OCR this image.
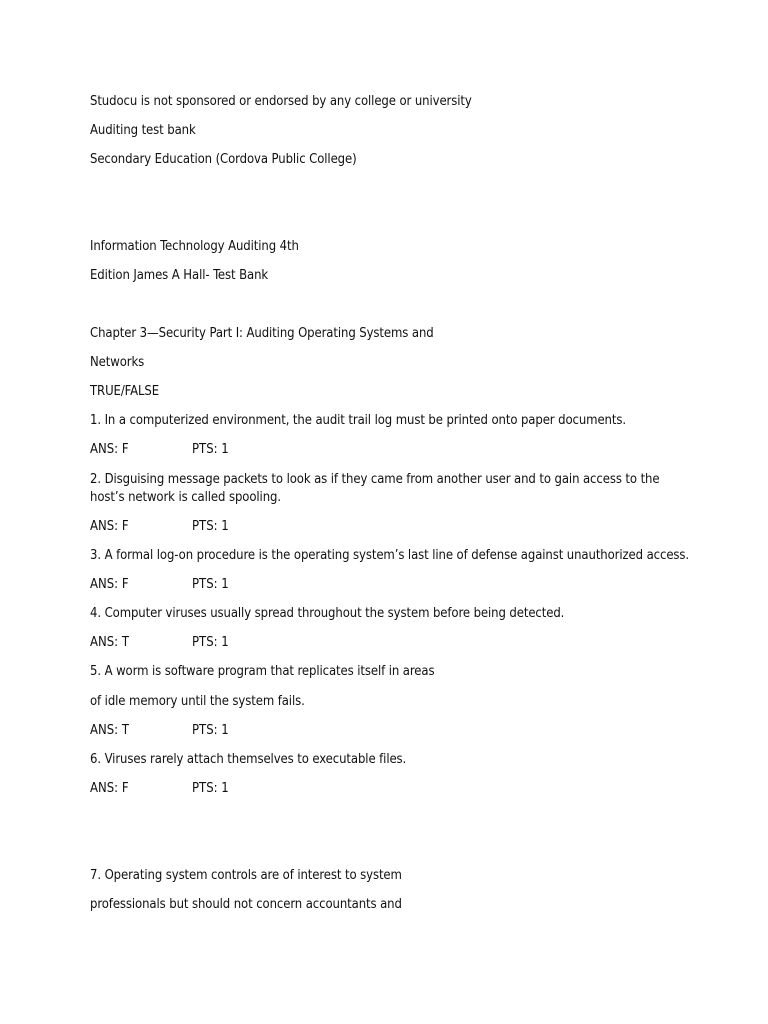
Studocu is not sponsored or endorsed by any college or university
Auditing test bank
Secondary Education (Cordova Public College)
Information Technology Auditing 4th
Edition James A Hall- Test Bank
Chapter 3—Security Part I: Auditing Operating Systems and
Networks
TRUE/FALSE
1. In a computerized environment, the audit trail log must be printed onto paper documents.
ANS: F	PTS: 1
2. Disguising message packets to look as if they came from another user and to gain access to the host’s network is called spooling.
ANS: F	PTS: 1
3. A formal log-on procedure is the operating system’s last line of defense against unauthorized access.
ANS: F	PTS: 1
4. Computer viruses usually spread throughout the system before being detected.
ANS: T	PTS: 1
5. A worm is software program that replicates itself in areas
of idle memory until the system fails.
ANS: T	PTS: 1
6. Viruses rarely attach themselves to executable files.
ANS: F	PTS: 1
7. Operating system controls are of interest to system
professionals but should not concern accountants and
